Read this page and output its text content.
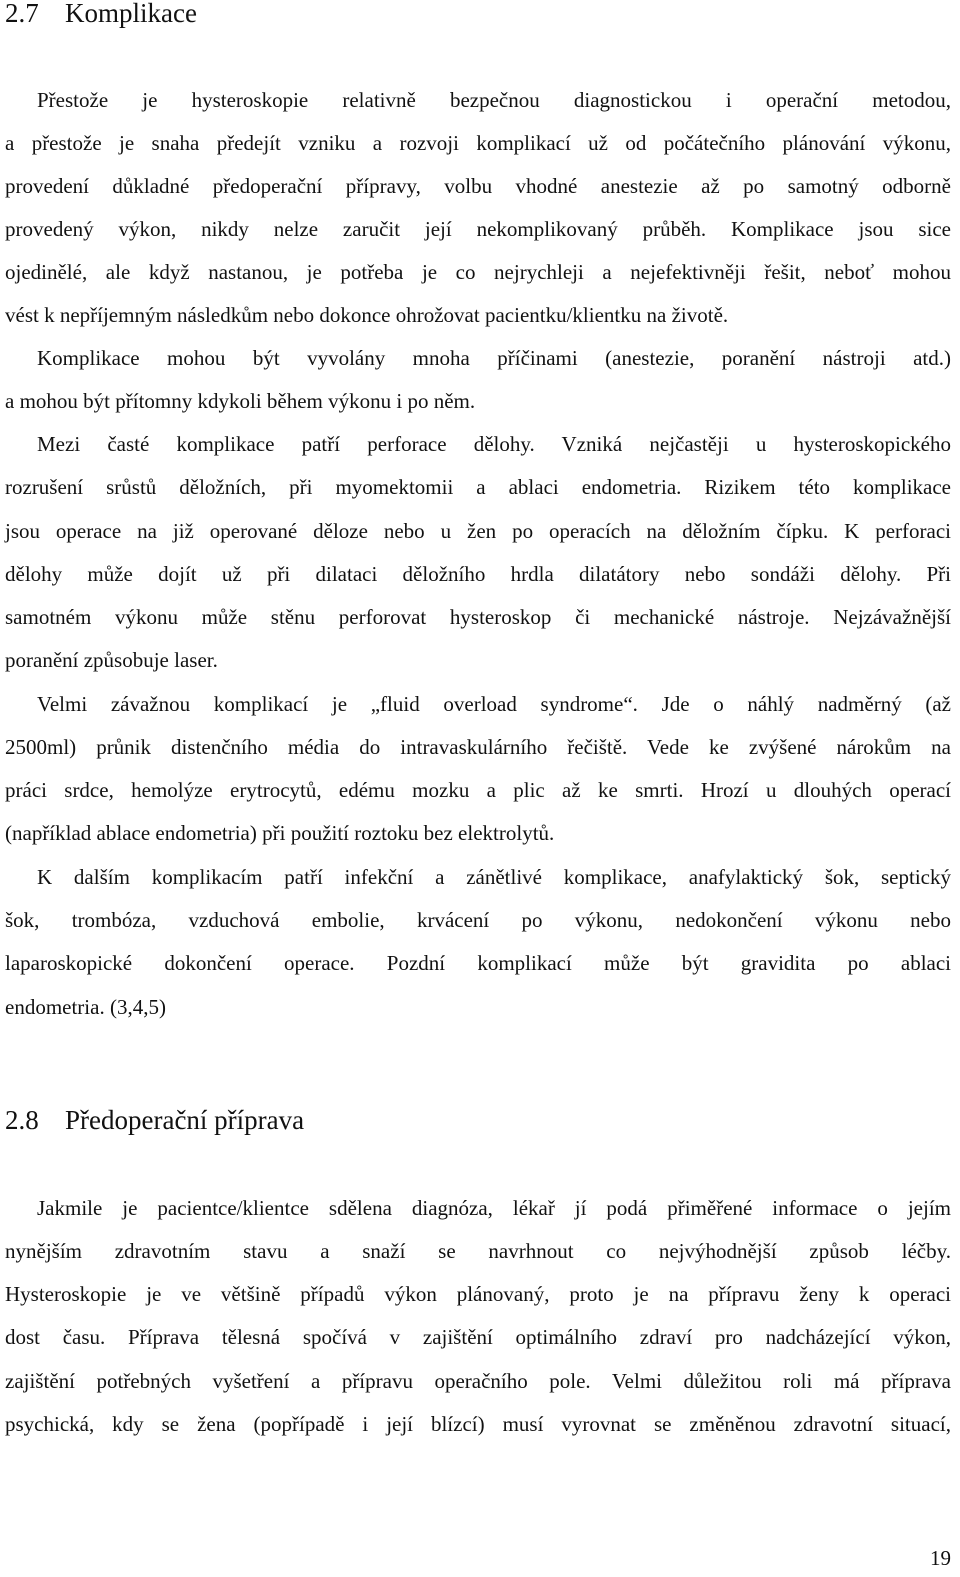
2.7 Komplikace
Přestože je hysteroskopie relativně bezpečnou diagnostickou i operační metodou,
a přestože je snaha předejít vzniku a rozvoji komplikací už od počátečního plánování výkonu,
provedení důkladné předoperační přípravy, volbu vhodné anestezie až po samotný odborně
provedený výkon, nikdy nelze zaručit její nekomplikovaný průběh. Komplikace jsou sice
ojedinělé, ale když nastanou, je potřeba je co nejrychleji a nejefektivněji řešit, neboť mohou
vést k nepříjemným následkům nebo dokonce ohrožovat pacientku/klientku na životě.
Komplikace mohou být vyvolány mnoha příčinami (anestezie, poranění nástroji atd.)
a mohou být přítomny kdykoli během výkonu i po něm.
Mezi časté komplikace patří perforace dělohy. Vzniká nejčastěji u hysteroskopického
rozrušení srůstů děložních, při myomektomii a ablaci endometria. Rizikem této komplikace
jsou operace na již operované děloze nebo u žen po operacích na děložním čípku. K perforaci
dělohy může dojít už při dilataci děložního hrdla dilatátory nebo sondáži dělohy. Při
samotném výkonu může stěnu perforovat hysteroskop či mechanické nástroje. Nejzávažnější
poranění způsobuje laser.
Velmi závažnou komplikací je „fluid overload syndrome“. Jde o náhlý nadměrný (až
2500ml) průnik distenčního média do intravaskulárního řečiště. Vede ke zvýšené nárokům na
práci srdce, hemolýze erytrocytů, edému mozku a plic až ke smrti. Hrozí u dlouhých operací
(například ablace endometria) při použití roztoku bez elektrolytů.
K dalším komplikacím patří infekční a zánětlivé komplikace, anafylaktický šok, septický
šok, trombóza, vzduchová embolie, krvácení po výkonu, nedokončení výkonu nebo
laparoskopické dokončení operace. Pozdní komplikací může být gravidita po ablaci
endometria. (3,4,5)
2.8 Předoperační příprava
Jakmile je pacientce/klientce sdělena diagnóza, lékař jí podá přiměřené informace o jejím
nynějším zdravotním stavu a snaží se navrhnout co nejvýhodnější způsob léčby.
Hysteroskopie je ve většině případů výkon plánovaný, proto je na přípravu ženy k operaci
dost času. Příprava tělesná spočívá v zajištění optimálního zdraví pro nadcházející výkon,
zajištění potřebných vyšetření a přípravu operačního pole. Velmi důležitou roli má příprava
psychická, kdy se žena (popřípadě i její blízcí) musí vyrovnat se změněnou zdravotní situací,
19
